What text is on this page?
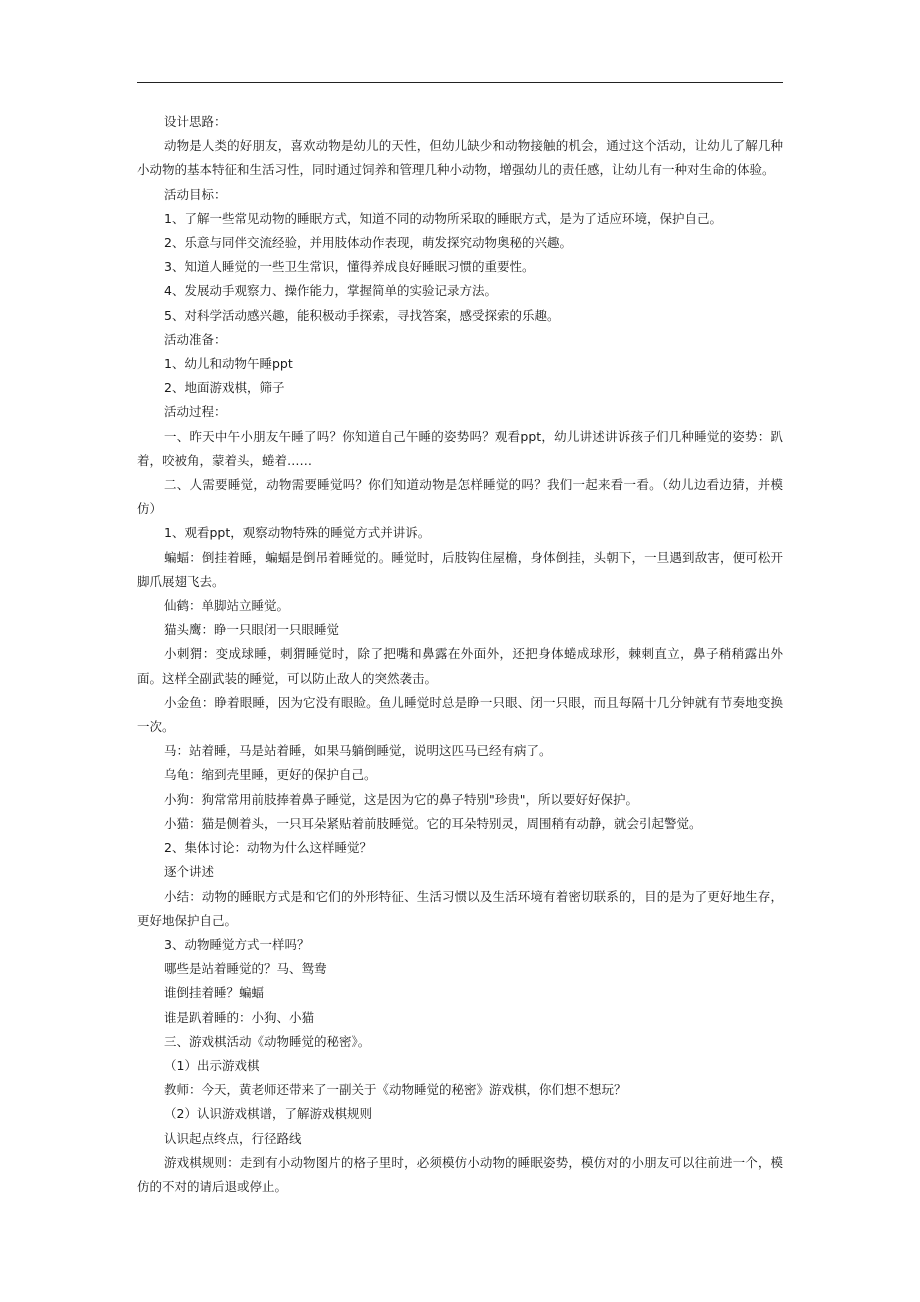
设计思路：

动物是人类的好朋友，喜欢动物是幼儿的天性，但幼儿缺少和动物接触的机会，通过这个活动，让幼儿了解几种小动物的基本特征和生活习性，同时通过饲养和管理几种小动物，增强幼儿的责任感，让幼儿有一种对生命的体验。

活动目标：

1、了解一些常见动物的睡眠方式，知道不同的动物所采取的睡眠方式，是为了适应环境，保护自己。

2、乐意与同伴交流经验，并用肢体动作表现，萌发探究动物奥秘的兴趣。

3、知道人睡觉的一些卫生常识，懂得养成良好睡眠习惯的重要性。

4、发展动手观察力、操作能力，掌握简单的实验记录方法。

5、对科学活动感兴趣，能积极动手探索，寻找答案，感受探索的乐趣。

活动准备：

1、幼儿和动物午睡ppt

2、地面游戏棋，筛子

活动过程：

一、昨天中午小朋友午睡了吗？你知道自己午睡的姿势吗？观看ppt，幼儿讲述讲诉孩子们几种睡觉的姿势：趴着，咬被角，蒙着头，蜷着……

二、人需要睡觉，动物需要睡觉吗？你们知道动物是怎样睡觉的吗？我们一起来看一看。（幼儿边看边猜，并模仿）

1、观看ppt，观察动物特殊的睡觉方式并讲诉。

蝙蝠：倒挂着睡，蝙蝠是倒吊着睡觉的。睡觉时，后肢钩住屋檐，身体倒挂，头朝下，一旦遇到敌害，便可松开脚爪展翅飞去。

仙鹤：单脚站立睡觉。

猫头鹰：睁一只眼闭一只眼睡觉

小刺猬：变成球睡，刺猬睡觉时，除了把嘴和鼻露在外面外，还把身体蜷成球形，棘刺直立，鼻子稍稍露出外面。这样全副武装的睡觉，可以防止敌人的突然袭击。

小金鱼：睁着眼睡，因为它没有眼睑。鱼儿睡觉时总是睁一只眼、闭一只眼，而且每隔十几分钟就有节奏地变换一次。

马：站着睡，马是站着睡，如果马躺倒睡觉，说明这匹马已经有病了。

乌龟：缩到壳里睡，更好的保护自己。

小狗：狗常常用前肢捧着鼻子睡觉，这是因为它的鼻子特别"珍贵"，所以要好好保护。

小猫：猫是侧着头，一只耳朵紧贴着前肢睡觉。它的耳朵特别灵，周围稍有动静，就会引起警觉。

2、集体讨论：动物为什么这样睡觉？

逐个讲述

小结：动物的睡眠方式是和它们的外形特征、生活习惯以及生活环境有着密切联系的，目的是为了更好地生存，更好地保护自己。

3、动物睡觉方式一样吗？

哪些是站着睡觉的？马、鸳鸯

谁倒挂着睡？蝙蝠

谁是趴着睡的：小狗、小猫

三、游戏棋活动《动物睡觉的秘密》。

（1）出示游戏棋

教师：今天，黄老师还带来了一副关于《动物睡觉的秘密》游戏棋，你们想不想玩？

（2）认识游戏棋谱，了解游戏棋规则

认识起点终点，行径路线

游戏棋规则：走到有小动物图片的格子里时，必须模仿小动物的睡眠姿势，模仿对的小朋友可以往前进一个，模仿的不对的请后退或停止。
